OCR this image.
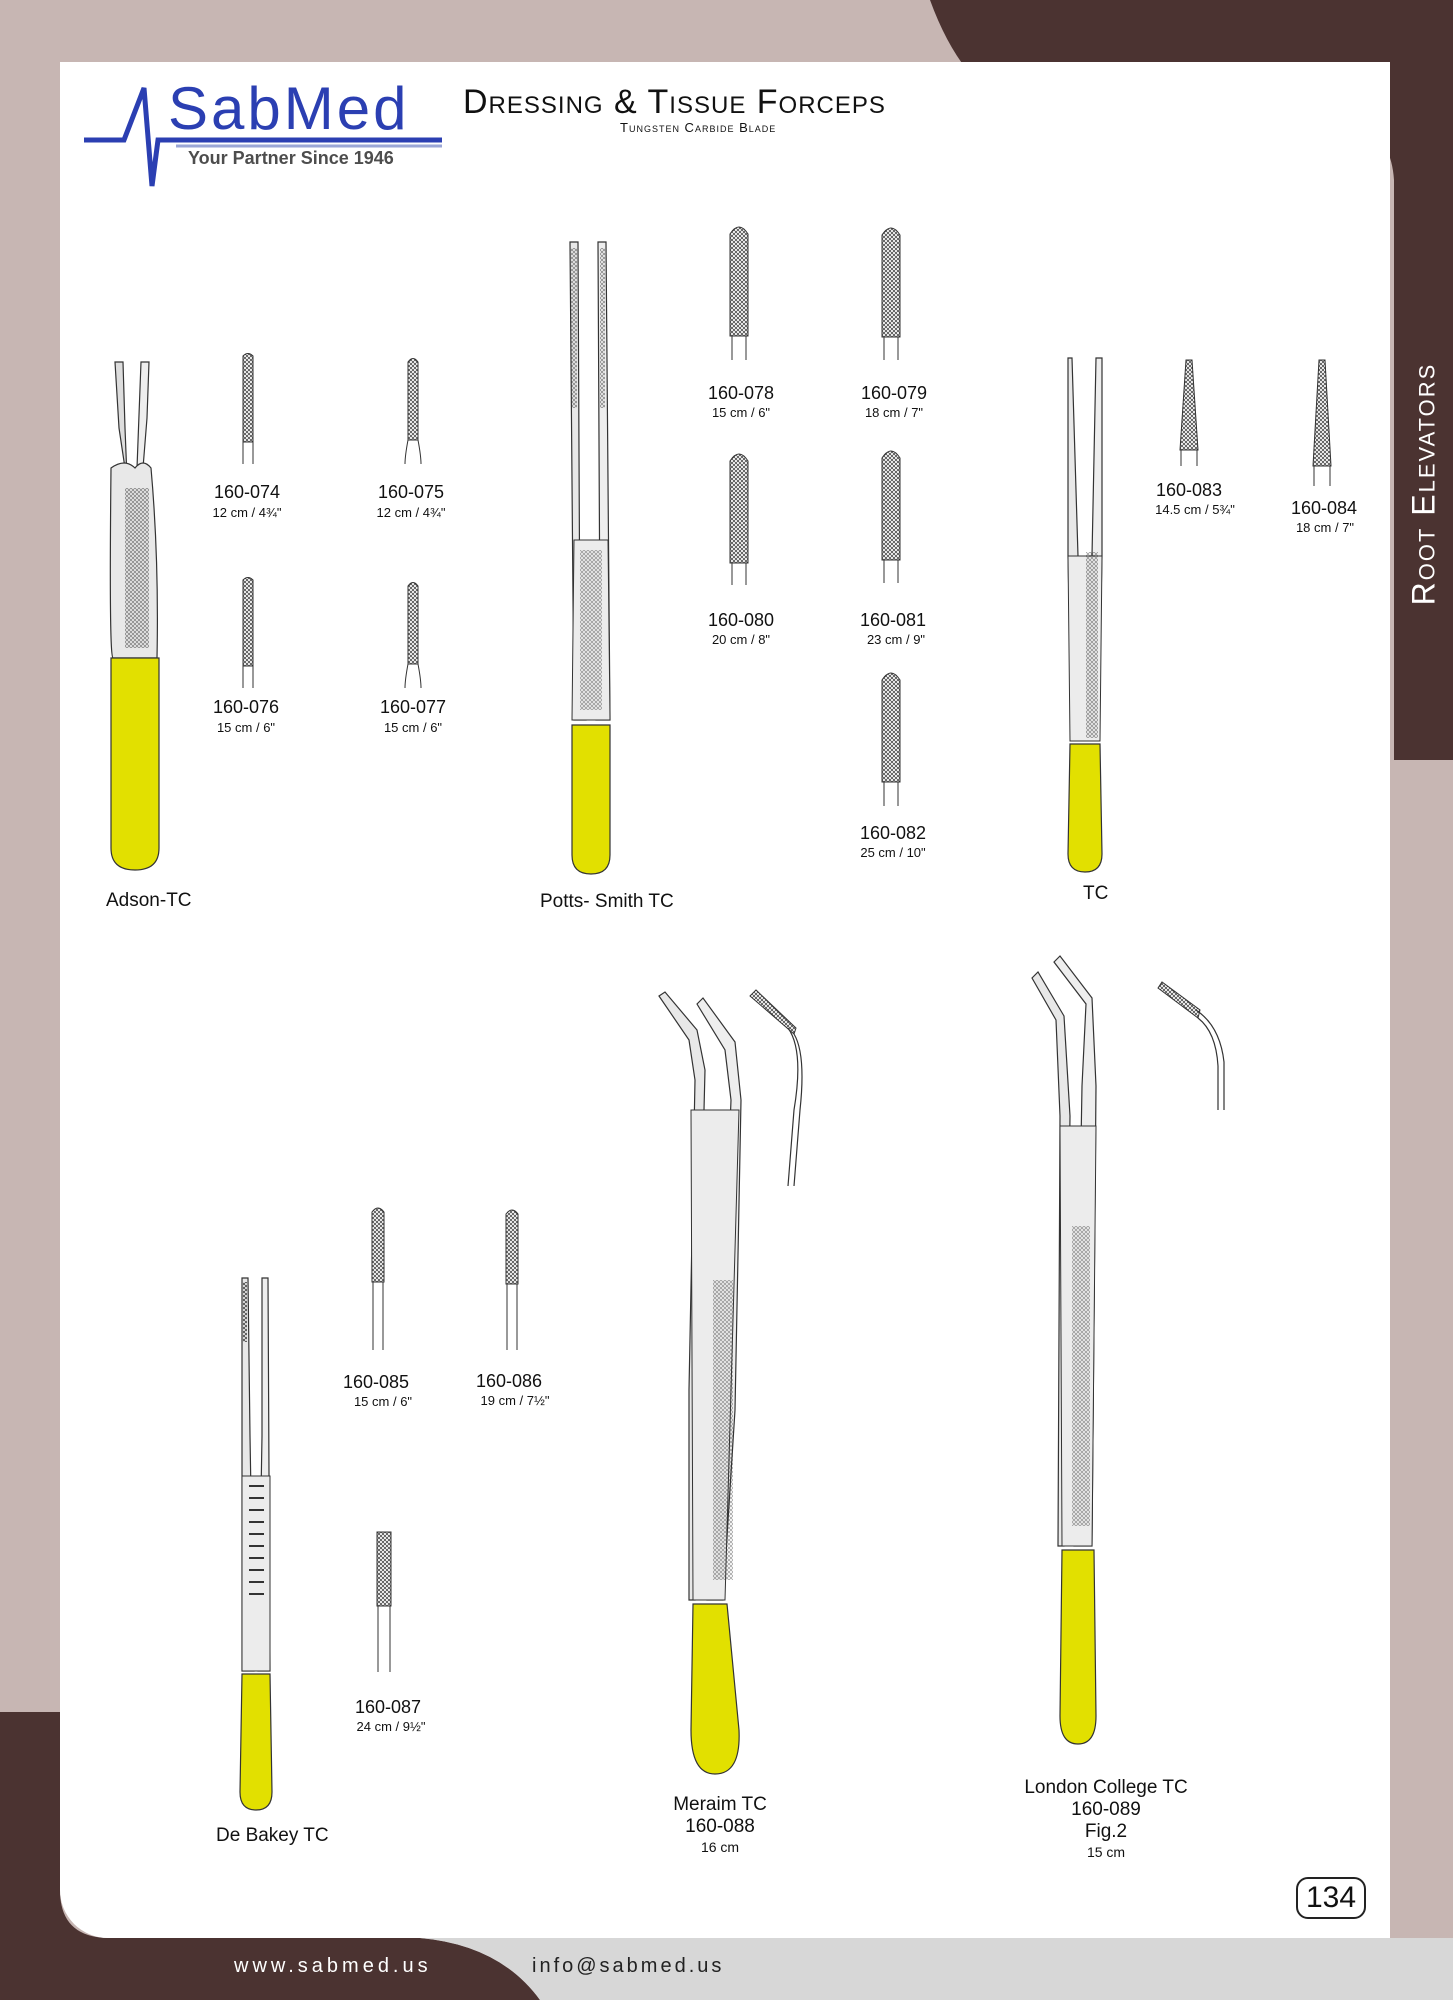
SabMed
Your Partner Since 1946
Dressing & Tissue Forceps
Tungsten Carbide Blade
Root Elevators
160-074
12 cm / 4¾"
160-075
12 cm / 4¾"
160-076
15 cm / 6"
160-077
15 cm / 6"
160-078
15 cm / 6"
160-079
18 cm / 7"
160-080
20 cm / 8"
160-081
23 cm / 9"
160-082
25 cm / 10"
160-083
14.5 cm / 5¾"	160-084
18 cm / 7"
160-085
15 cm / 6"
160-086
19 cm / 7½"
160-087
24 cm / 9½"
Adson-TC	Potts- Smith TC	TC
De Bakey TC
Meraim TC
160-088
16 cm
London College TC
160-089
Fig.2
15 cm
134
www.sabmed.us	info@sabmed.us
